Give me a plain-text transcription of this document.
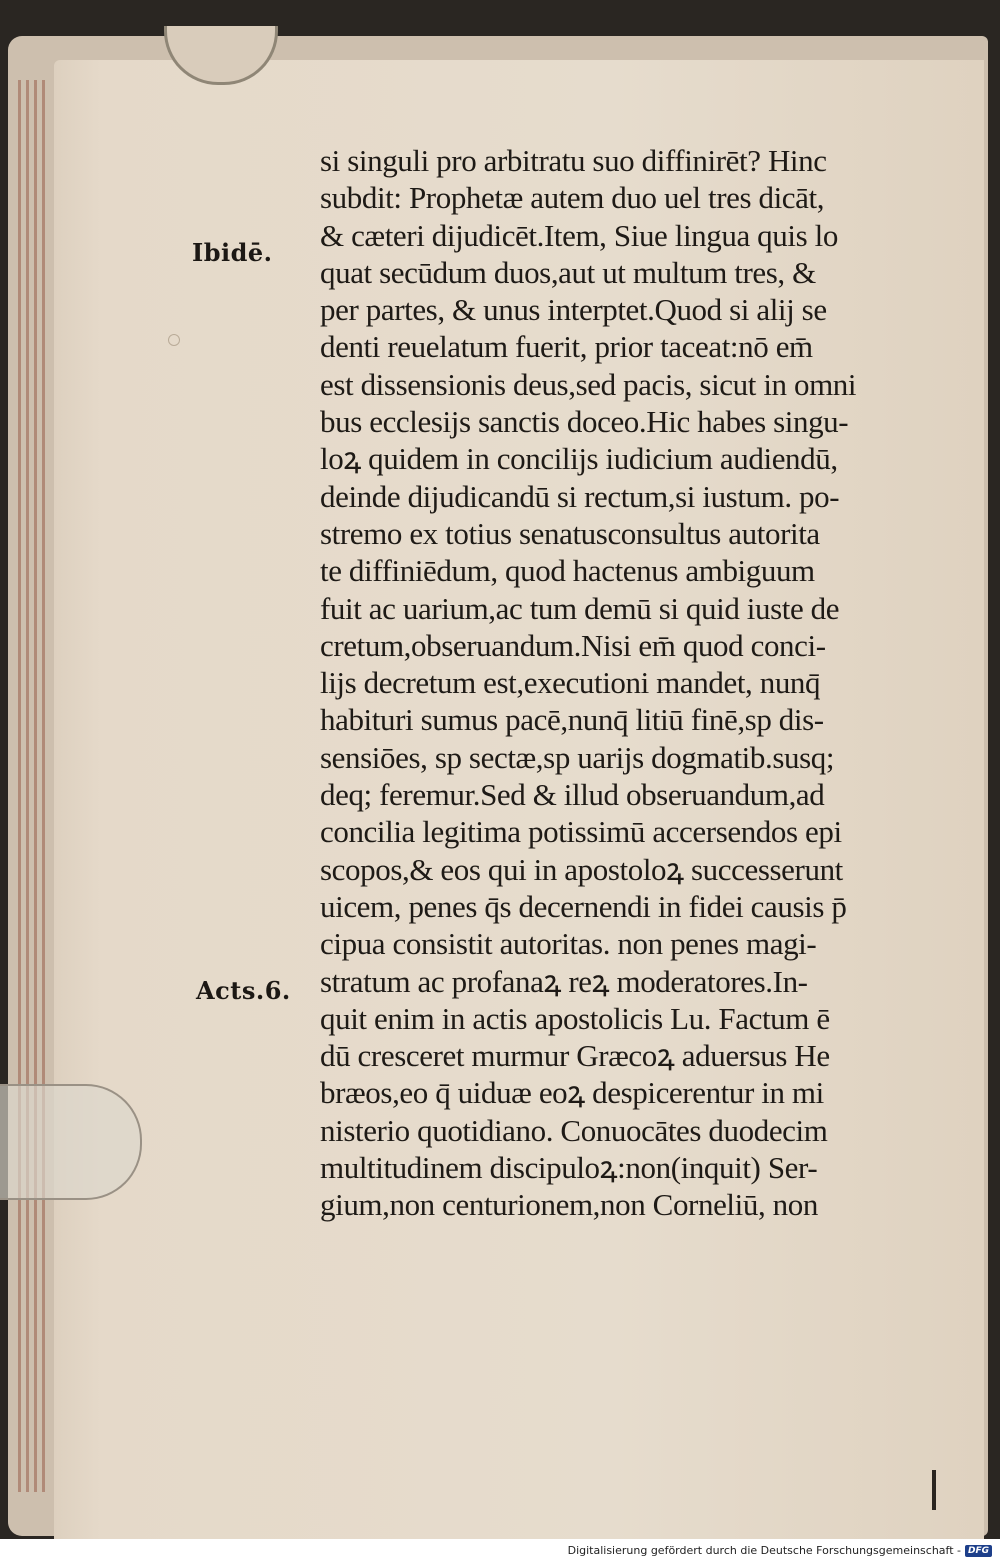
si singuli pro arbitratu suo diffinirēt? Hinc
subdit: Prophetæ autem duo uel tres dicāt,
& cæteri dijudicēt.Item, Siue lingua quis lo
quat secūdum duos,aut ut multum tres, &
per partes, & unus interptet.Quod si alij se
denti reuelatum fuerit, prior taceat:nō em̄
est dissensionis deus,sed pacis, sicut in omni
bus ecclesijs sanctis doceo.Hic habes singu-
loꝝ quidem in concilijs iudicium audiendū,
deinde dijudicandū si rectum,si iustum. po-
stremo ex totius senatusconsultus autorita
te diffiniēdum, quod hactenus ambiguum
fuit ac uarium,ac tum demū si quid iuste de
cretum,obseruandum.Nisi em̄ quod conci-
lijs decretum est,executioni mandet, nunq̄
habituri sumus pacē,nunq̄ litiū finē,sp dis-
sensiōes, sp sectæ,sp uarijs dogmatib.susq;
deq; feremur.Sed & illud obseruandum,ad
concilia legitima potissimū accersendos epi
scopos,& eos qui in apostoloꝝ successerunt
uicem, penes q̄s decernendi in fidei causis p̄
cipua consistit autoritas. non penes magi-
stratum ac profanaꝝ reꝝ moderatores.In-
quit enim in actis apostolicis Lu. Factum ē
dū cresceret murmur Græcoꝝ aduersus He
bræos,eo q̄ uiduæ eoꝝ despicerentur in mi
nisterio quotidiano. Conuocātes duodecim
multitudinem discipuloꝝ:non(inquit) Ser-
gium,non centurionem,non Corneliū, non
Ibidē.
Acts.6.
Digitalisierung gefördert durch die Deutsche Forschungsgemeinschaft - DFG
